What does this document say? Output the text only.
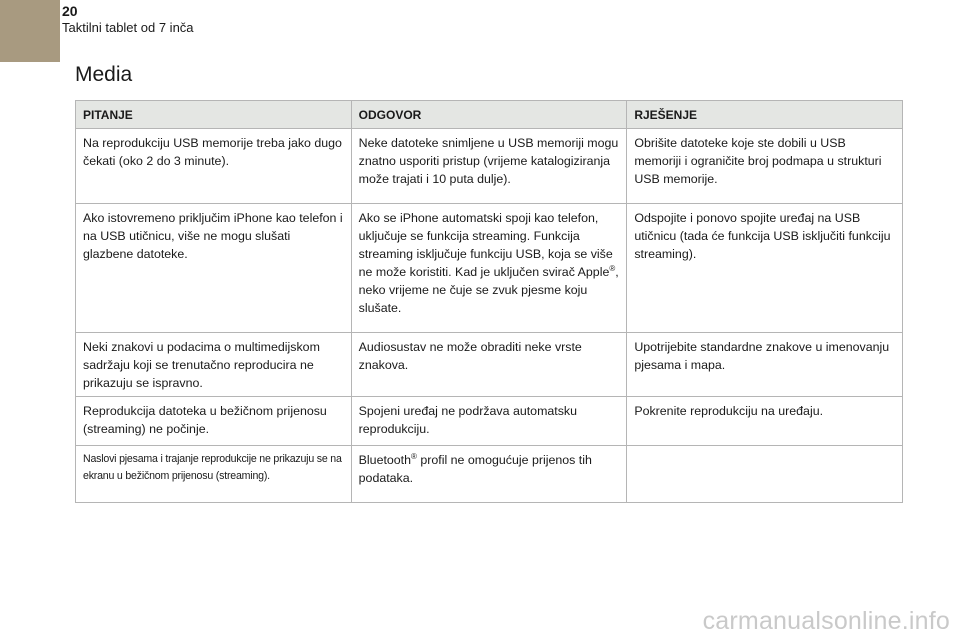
20
Taktilni tablet od 7 inča
Media
PITANJE	ODGOVOR	RJEŠENJE
Na reprodukciju USB memorije treba jako dugo čekati (oko 2 do 3 minute).	Neke datoteke snimljene u USB memoriji mogu znatno usporiti pristup (vrijeme katalogiziranja može trajati i 10 puta dulje).	Obrišite datoteke koje ste dobili u USB memoriji i ograničite broj podmapa u strukturi USB memorije.
Ako istovremeno priključim iPhone kao telefon i na USB utičnicu, više ne mogu slušati glazbene datoteke.	Ako se iPhone automatski spoji kao telefon, uključuje se funkcija streaming. Funkcija streaming isključuje funkciju USB, koja se više ne može koristiti. Kad je uključen svirač Apple®, neko vrijeme ne čuje se zvuk pjesme koju slušate.	Odspojite i ponovo spojite uređaj na USB utičnicu (tada će funkcija USB isključiti funkciju streaming).
Neki znakovi u podacima o multimedijskom sadržaju koji se trenutačno reproducira ne prikazuju se ispravno.	Audiosustav ne može obraditi neke vrste znakova.	Upotrijebite standardne znakove u imenovanju pjesama i mapa.
Reprodukcija datoteka u bežičnom prijenosu (streaming) ne počinje.	Spojeni uređaj ne podržava automatsku reprodukciju.	Pokrenite reprodukciju na uređaju.
Naslovi pjesama i trajanje reprodukcije ne prikazuju se na ekranu u bežičnom prijenosu (streaming).	Bluetooth® profil ne omogućuje prijenos tih podataka.	
carmanualsonline.info
